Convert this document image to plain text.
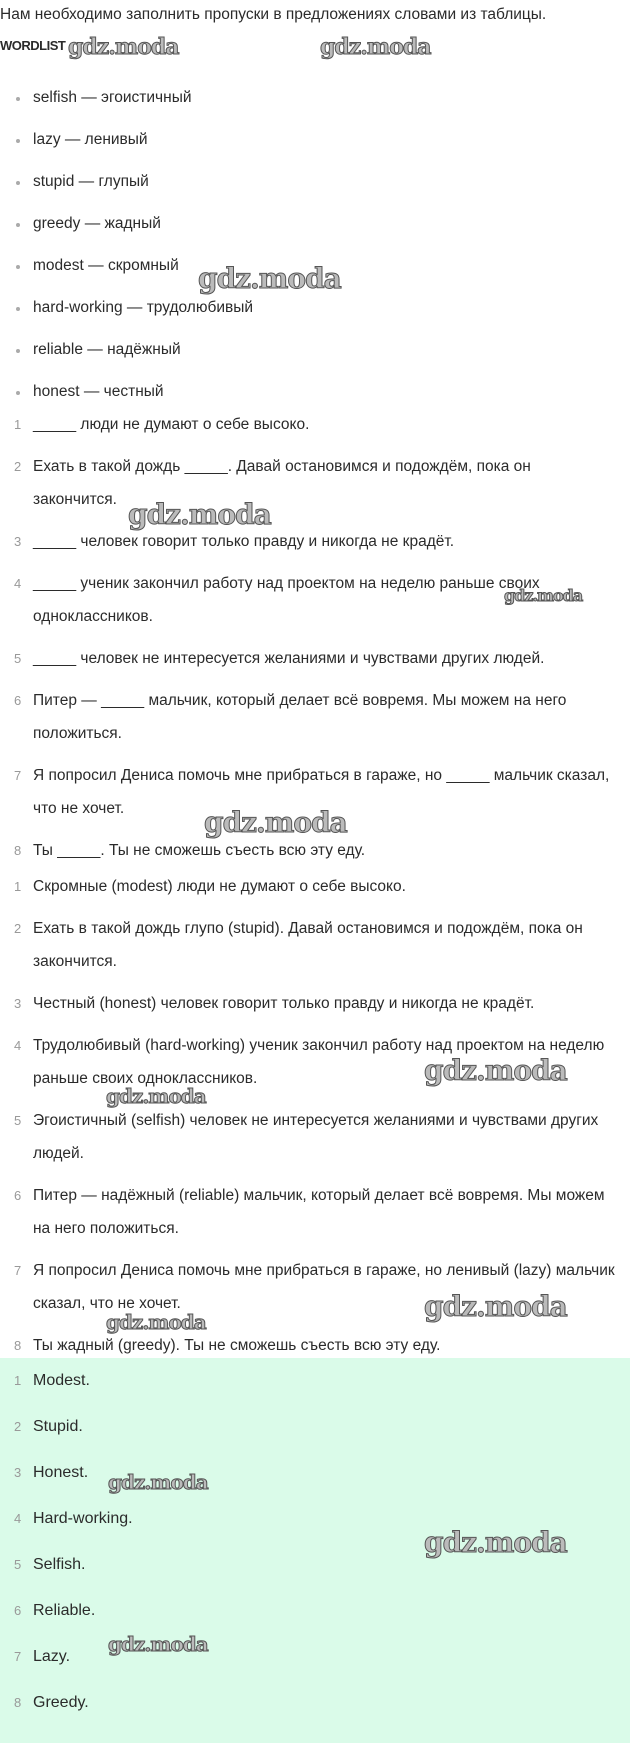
Нам необходимо заполнить пропуски в предложениях словами из таблицы.
WORDLIST
selfish — эгоистичный
lazy — ленивый
stupid — глупый
greedy — жадный
modest — скромный
hard-working — трудолюбивый
reliable — надёжный
honest — честный
1 _____ люди не думают о себе высоко.
2 Ехать в такой дождь _____. Давай остановимся и подождём, пока он закончится.
3 _____ человек говорит только правду и никогда не крадёт.
4 _____ ученик закончил работу над проектом на неделю раньше своих одноклассников.
5 _____ человек не интересуется желаниями и чувствами других людей.
6 Питер — _____ мальчик, который делает всё вовремя. Мы можем на него положиться.
7 Я попросил Дениса помочь мне прибраться в гараже, но _____ мальчик сказал, что не хочет.
8 Ты _____. Ты не сможешь съесть всю эту еду.
1 Скромные (modest) люди не думают о себе высоко.
2 Ехать в такой дождь глупо (stupid). Давай остановимся и подождём, пока он закончится.
3 Честный (honest) человек говорит только правду и никогда не крадёт.
4 Трудолюбивый (hard-working) ученик закончил работу над проектом на неделю раньше своих одноклассников.
5 Эгоистичный (selfish) человек не интересуется желаниями и чувствами других людей.
6 Питер — надёжный (reliable) мальчик, который делает всё вовремя. Мы можем на него положиться.
7 Я попросил Дениса помочь мне прибраться в гараже, но ленивый (lazy) мальчик сказал, что не хочет.
8 Ты жадный (greedy). Ты не сможешь съесть всю эту еду.
1 Modest.
2 Stupid.
3 Honest.
4 Hard-working.
5 Selfish.
6 Reliable.
7 Lazy.
8 Greedy.
gdz.moda	gdz.moda
gdz.moda
gdz.moda
gdz.moda
gdz.moda
gdz.moda
gdz.moda
gdz.moda
gdz.moda
gdz.moda
gdz.moda
gdz.moda
